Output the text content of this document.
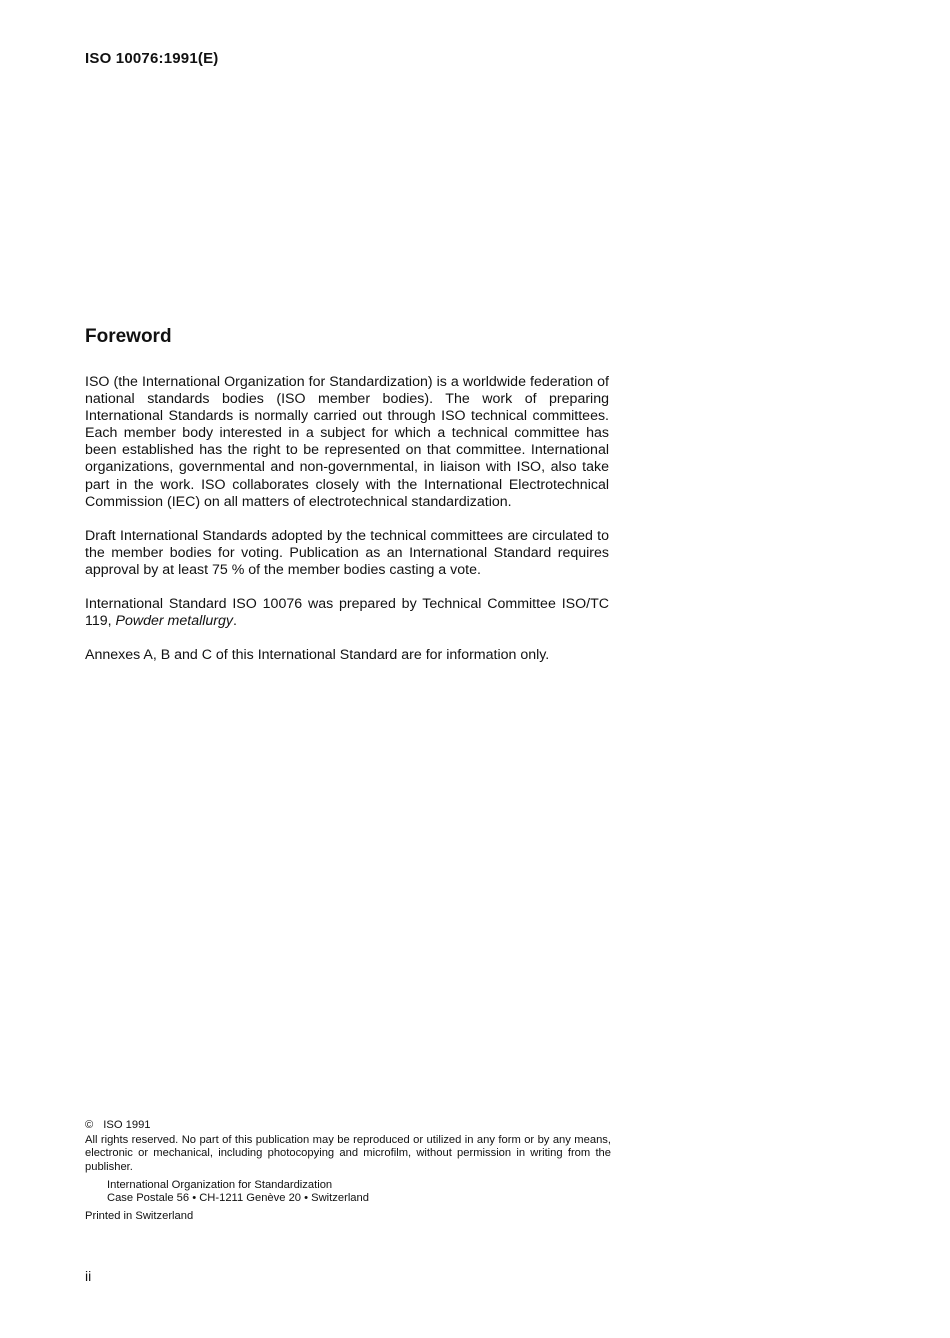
ISO 10076:1991(E)
Foreword

ISO (the International Organization for Standardization) is a worldwide federation of national standards bodies (ISO member bodies). The work of preparing International Standards is normally carried out through ISO technical committees. Each member body interested in a subject for which a technical committee has been established has the right to be represented on that committee. International organizations, governmental and non-governmental, in liaison with ISO, also take part in the work. ISO collaborates closely with the International Electrotechnical Commission (IEC) on all matters of electrotechnical standardization.

Draft International Standards adopted by the technical committees are circulated to the member bodies for voting. Publication as an International Standard requires approval by at least 75 % of the member bodies casting a vote.

International Standard ISO 10076 was prepared by Technical Committee ISO/TC 119, Powder metallurgy.

Annexes A, B and C of this International Standard are for information only.

© ISO 1991
All rights reserved. No part of this publication may be reproduced or utilized in any form or by any means, electronic or mechanical, including photocopying and microfilm, without permission in writing from the publisher.
International Organization for Standardization
Case Postale 56 • CH-1211 Genève 20 • Switzerland
Printed in Switzerland
ii
